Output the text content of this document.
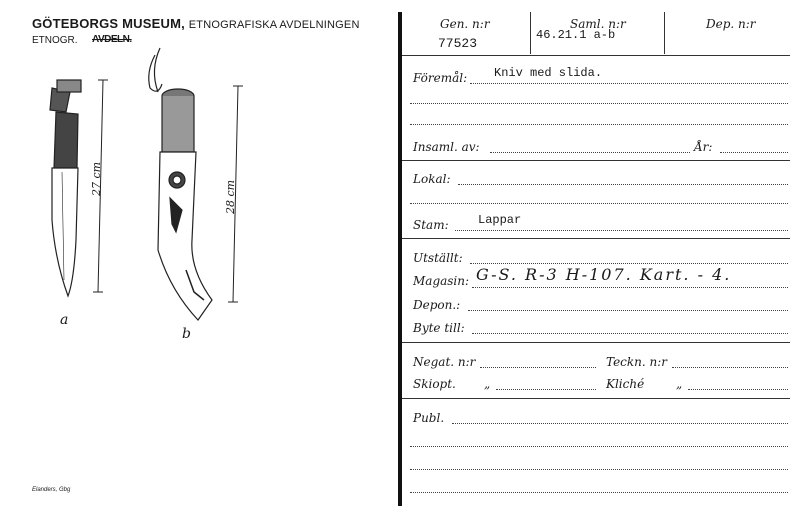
GÖTEBORGS MUSEUM, ETNOGRAFISKA AVDELNINGEN
ETNOGR. AVDELN.
27 cm
28 cm
a
b
Elanders, Gbg
Gen. n:r
77523
Saml. n:r
46.21.1 a-b
Dep. n:r
Föremål: Kniv med slida.
Insaml. av:	År:
Lokal:
Stam: Lappar
Utställt:
Magasin: G-S. R-3 H-107. Kart. - 4.
Depon.:
Byte till:
Negat. n:r	Teckn. n:r
Skiopt. „	Kliché	„
Publ.
